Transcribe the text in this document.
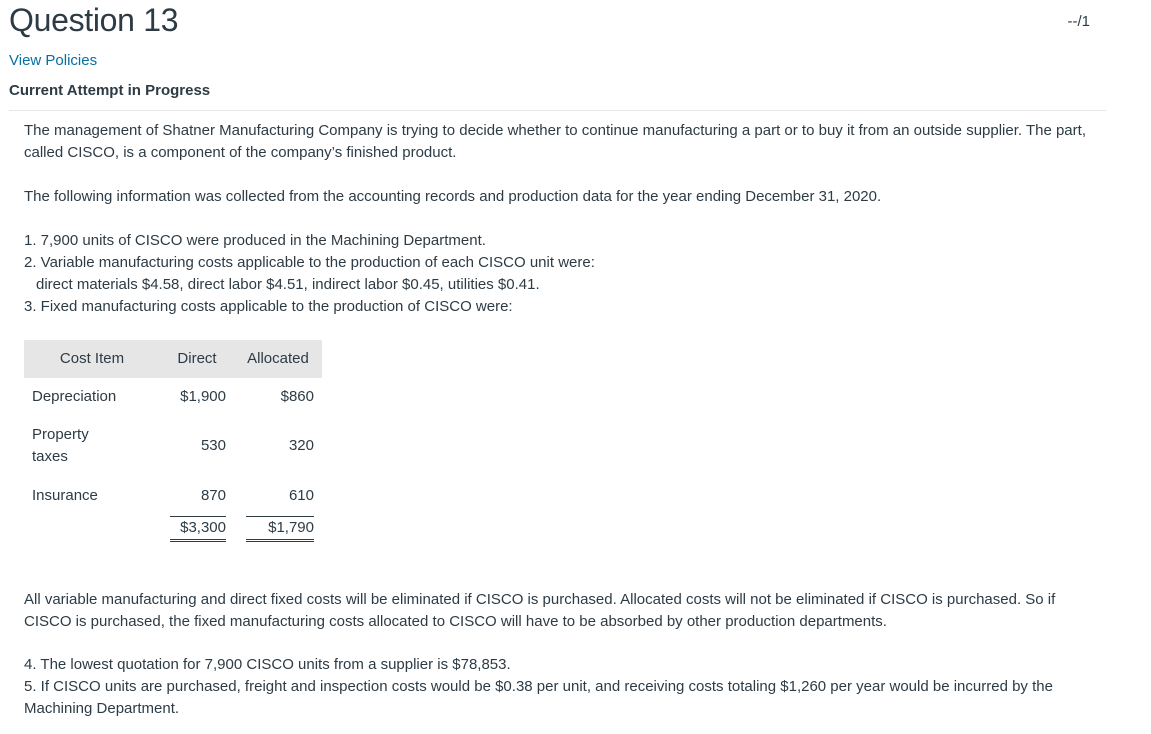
Question 13	--/1
View Policies
Current Attempt in Progress

The management of Shatner Manufacturing Company is trying to decide whether to continue manufacturing a part or to buy it from an outside supplier. The part, called CISCO, is a component of the company’s finished product.

The following information was collected from the accounting records and production data for the year ending December 31, 2020.

1. 7,900 units of CISCO were produced in the Machining Department.
2. Variable manufacturing costs applicable to the production of each CISCO unit were:
direct materials $4.58, direct labor $4.51, indirect labor $0.45, utilities $0.41.
3. Fixed manufacturing costs applicable to the production of CISCO were:
Cost Item	Direct	Allocated
Depreciation	$1,900	$860
Property taxes	530	320
Insurance	870	610
	$3,300	$1,790

All variable manufacturing and direct fixed costs will be eliminated if CISCO is purchased. Allocated costs will not be eliminated if CISCO is purchased. So if CISCO is purchased, the fixed manufacturing costs allocated to CISCO will have to be absorbed by other production departments.

4. The lowest quotation for 7,900 CISCO units from a supplier is $78,853.
5. If CISCO units are purchased, freight and inspection costs would be $0.38 per unit, and receiving costs totaling $1,260 per year would be incurred by the Machining Department.
